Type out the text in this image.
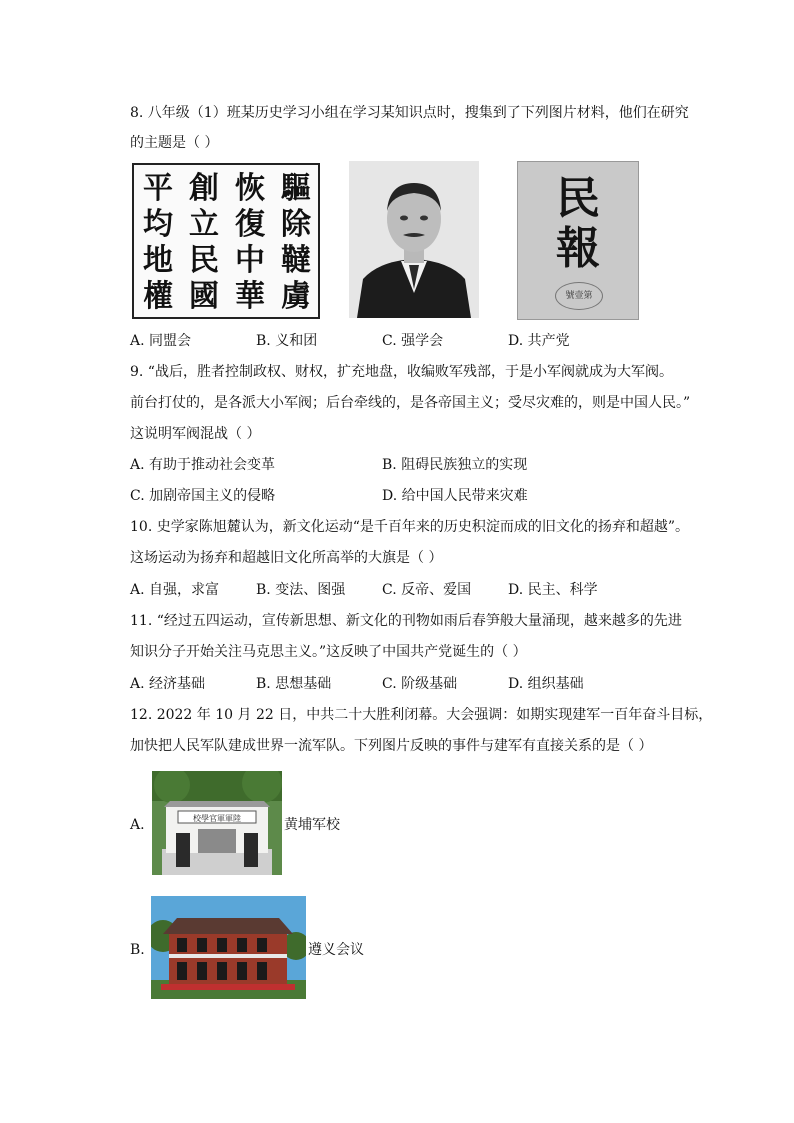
8. 八年级（1）班某历史学习小组在学习某知识点时，搜集到了下列图片材料，他们在研究
的主题是（ ）
驅除韃虜
恢復中華
創立民國
平均地權
民
報
號壹第
A. 同盟会	B. 义和团	C. 强学会	D. 共产党
9. “战后，胜者控制政权、财权，扩充地盘，收编败军残部，于是小军阀就成为大军阀。
前台打仗的，是各派大小军阀；后台牵线的，是各帝国主义；受尽灾难的，则是中国人民。”
这说明军阀混战（ ）
A. 有助于推动社会变革	B. 阻碍民族独立的实现
C. 加剧帝国主义的侵略	D. 给中国人民带来灾难
10. 史学家陈旭麓认为，新文化运动“是千百年来的历史积淀而成的旧文化的扬弃和超越”。
这场运动为扬弃和超越旧文化所高举的大旗是（ ）
A. 自强，求富	B. 变法、图强	C. 反帝、爱国	D. 民主、科学
11. “经过五四运动，宣传新思想、新文化的刊物如雨后春笋般大量涌现，越来越多的先进
知识分子开始关注马克思主义。”这反映了中国共产党诞生的（ ）
A. 经济基础	B. 思想基础	C. 阶级基础	D. 组织基础
12. 2022 年 10 月 22 日，中共二十大胜利闭幕。大会强调：如期实现建军一百年奋斗目标，
加快把人民军队建成世界一流军队。下列图片反映的事件与建军有直接关系的是（ ）
A.	校學官軍軍陸	黄埔军校
B.	遵义会议
